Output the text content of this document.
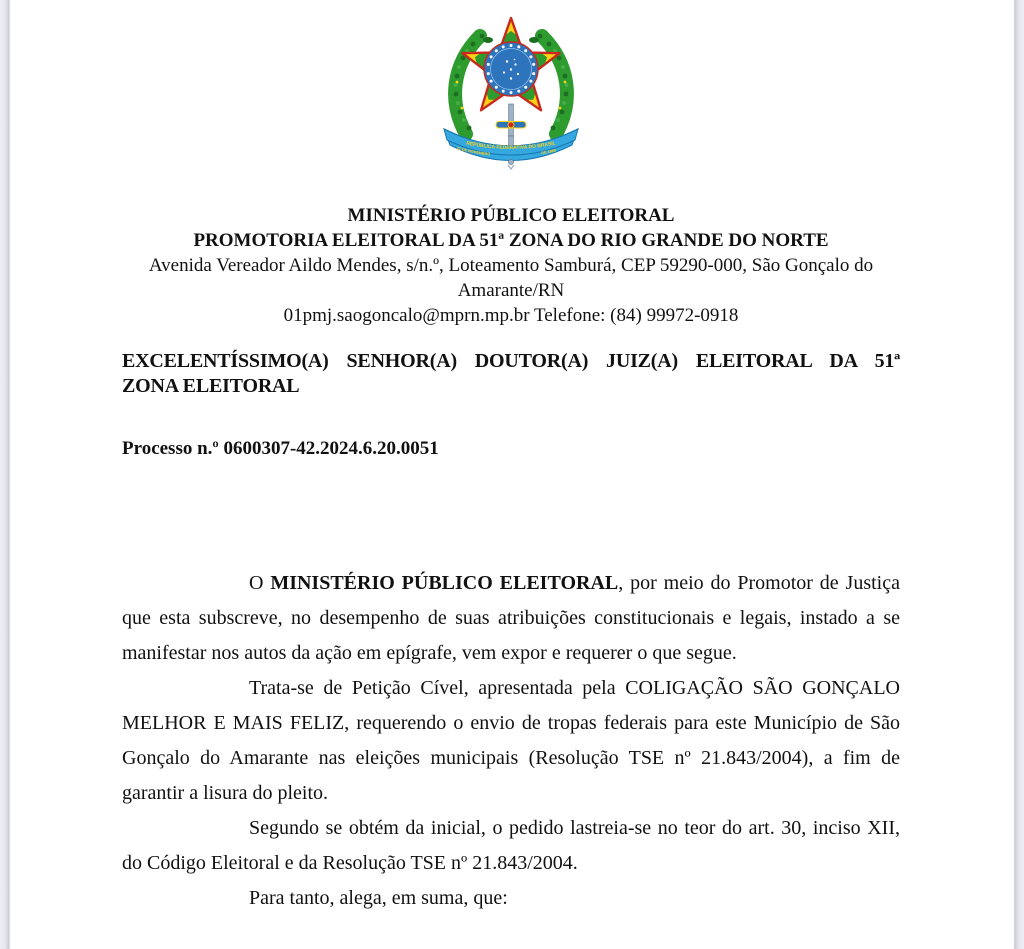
REPÚBLICA FEDERATIVA DO BRASIL
22 DE NOVEMBRO	DE 1889
MINISTÉRIO PÚBLICO ELEITORAL
PROMOTORIA ELEITORAL DA 51ª ZONA DO RIO GRANDE DO NORTE
Avenida Vereador Aildo Mendes, s/n.º, Loteamento Samburá, CEP 59290-000, São Gonçalo do
Amarante/RN
01pmj.saogoncalo@mprn.mp.br Telefone: (84) 99972-0918
EXCELENTÍSSIMO(A) SENHOR(A) DOUTOR(A) JUIZ(A) ELEITORAL DA 51ª
ZONA ELEITORAL
Processo n.º 0600307-42.2024.6.20.0051

O MINISTÉRIO PÚBLICO ELEITORAL, por meio do Promotor de Justiça que esta subscreve, no desempenho de suas atribuições constitucionais e legais, instado a se manifestar nos autos da ação em epígrafe, vem expor e requerer o que segue.

Trata-se de Petição Cível, apresentada pela COLIGAÇÃO SÃO GONÇALO MELHOR E MAIS FELIZ, requerendo o envio de tropas federais para este Município de São Gonçalo do Amarante nas eleições municipais (Resolução TSE nº 21.843/2004), a fim de garantir a lisura do pleito.

Segundo se obtém da inicial, o pedido lastreia-se no teor do art. 30, inciso XII, do Código Eleitoral e da Resolução TSE nº 21.843/2004.

Para tanto, alega, em suma, que:
